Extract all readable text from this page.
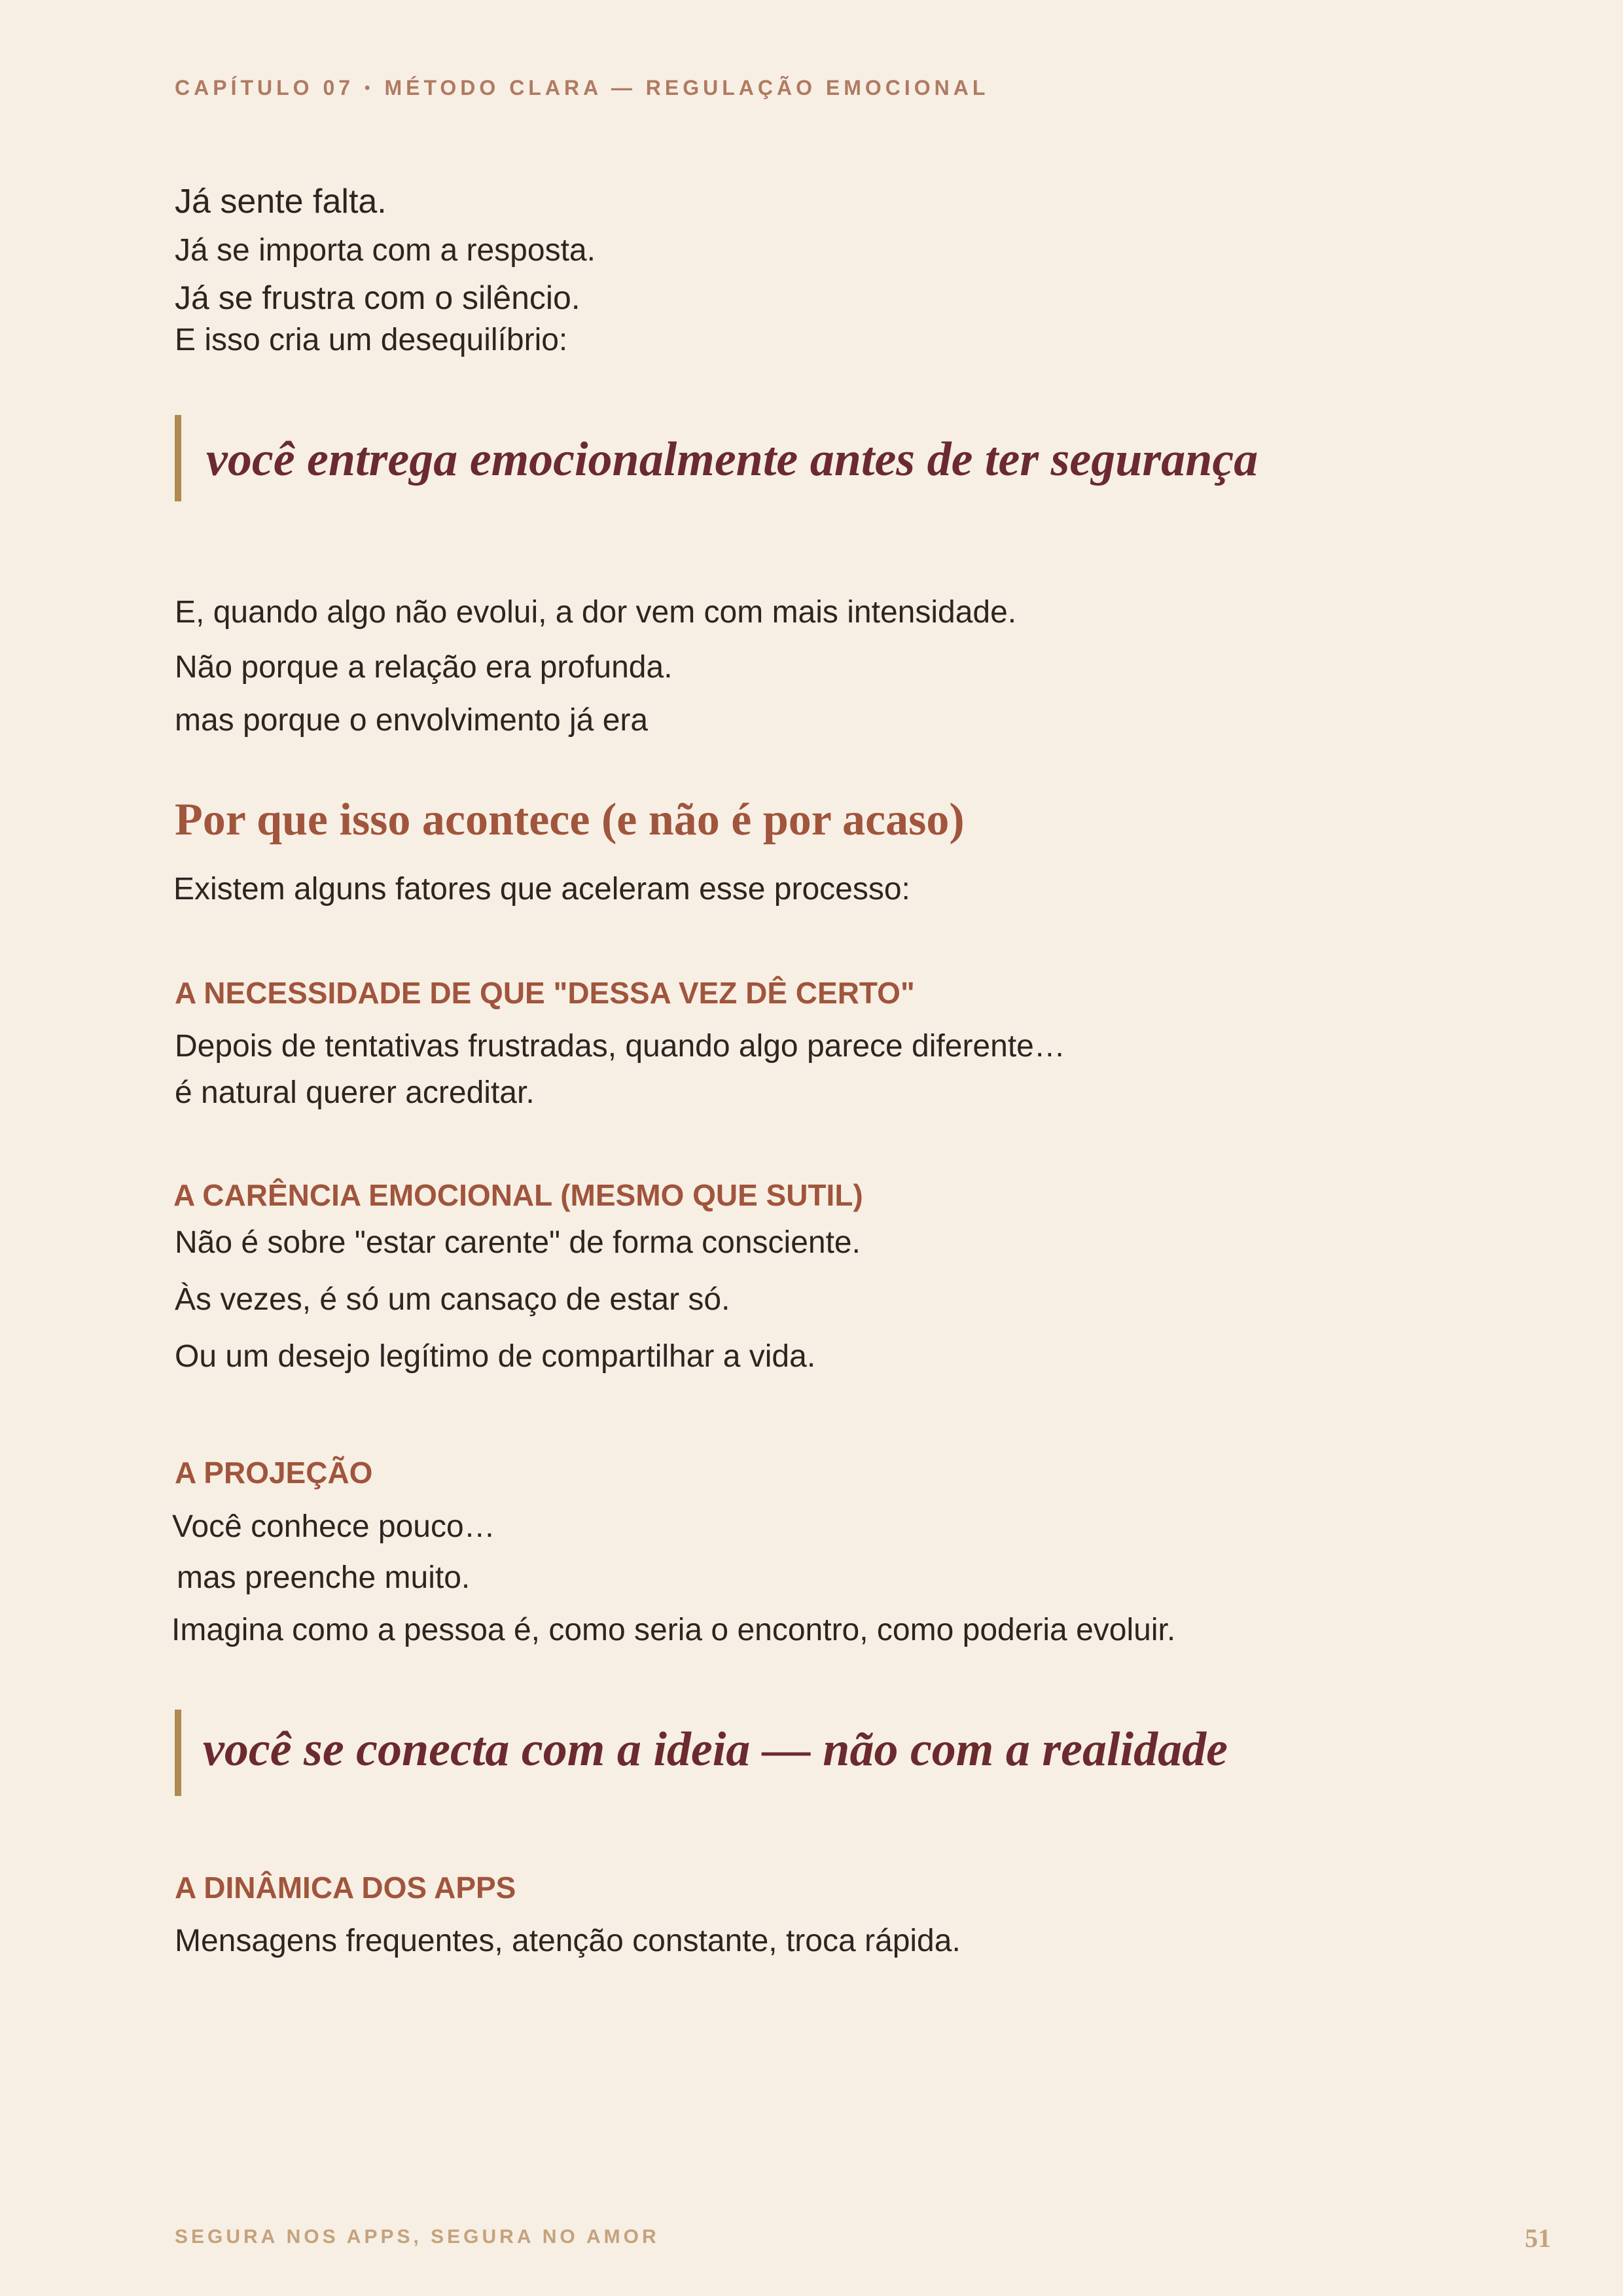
CAPÍTULO 07 • MÉTODO CLARA — REGULAÇÃO EMOCIONAL
Já sente falta.
Já se importa com a resposta.
Já se frustra com o silêncio.
E isso cria um desequilíbrio:
você entrega emocionalmente antes de ter segurança
E, quando algo não evolui, a dor vem com mais intensidade.
Não porque a relação era profunda.
mas porque o envolvimento já era
Por que isso acontece (e não é por acaso)
Existem alguns fatores que aceleram esse processo:
A NECESSIDADE DE QUE "DESSA VEZ DÊ CERTO"
Depois de tentativas frustradas, quando algo parece diferente…
é natural querer acreditar.
A CARÊNCIA EMOCIONAL (MESMO QUE SUTIL)
Não é sobre "estar carente" de forma consciente.
Às vezes, é só um cansaço de estar só.
Ou um desejo legítimo de compartilhar a vida.
A PROJEÇÃO
Você conhece pouco…
mas preenche muito.
Imagina como a pessoa é, como seria o encontro, como poderia evoluir.
você se conecta com a ideia — não com a realidade
A DINÂMICA DOS APPS
Mensagens frequentes, atenção constante, troca rápida.
SEGURA NOS APPS, SEGURA NO AMOR	51
